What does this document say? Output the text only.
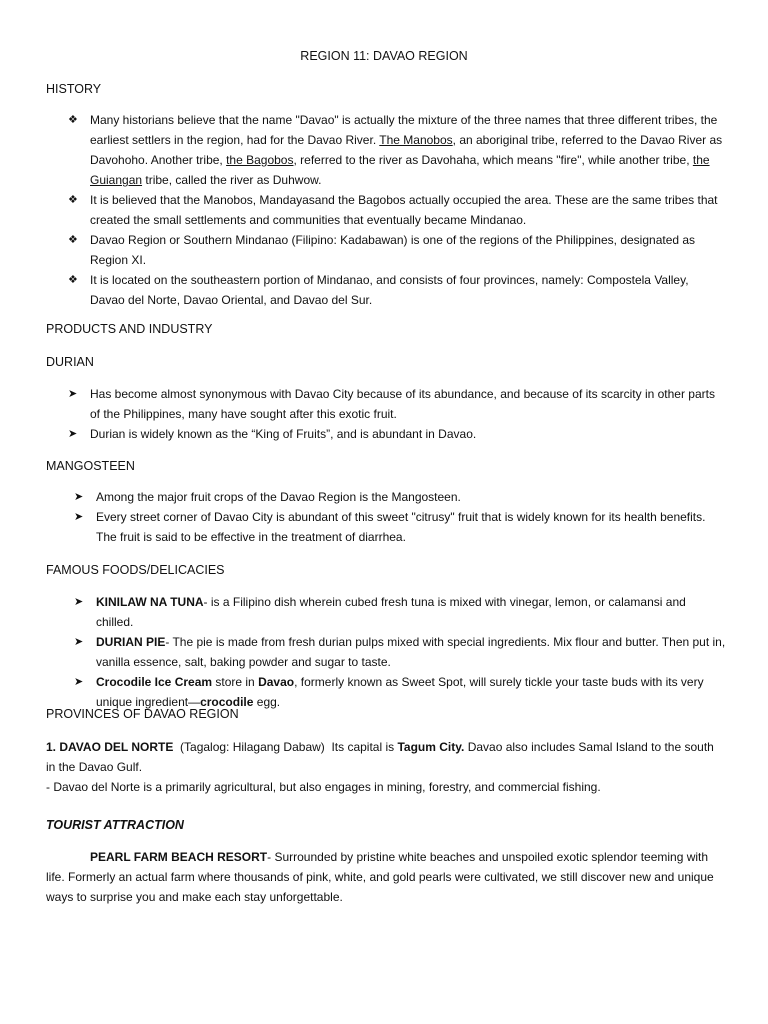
REGION 11: DAVAO REGION
HISTORY
❖ Many historians believe that the name "Davao" is actually the mixture of the three names that three different tribes, the earliest settlers in the region, had for the Davao River. The Manobos, an aboriginal tribe, referred to the Davao River as Davohoho. Another tribe, the Bagobos, referred to the river as Davohaha, which means "fire", while another tribe, the Guiangan tribe, called the river as Duhwow.
❖ It is believed that the Manobos, Mandayasand the Bagobos actually occupied the area. These are the same tribes that created the small settlements and communities that eventually became Mindanao.
❖ Davao Region or Southern Mindanao (Filipino: Kadabawan) is one of the regions of the Philippines, designated as Region XI.
❖ It is located on the southeastern portion of Mindanao, and consists of four provinces, namely: Compostela Valley, Davao del Norte, Davao Oriental, and Davao del Sur.
PRODUCTS AND INDUSTRY
DURIAN
➤ Has become almost synonymous with Davao City because of its abundance, and because of its scarcity in other parts of the Philippines, many have sought after this exotic fruit.
➤ Durian is widely known as the “King of Fruits”, and is abundant in Davao.
MANGOSTEEN
➤ Among the major fruit crops of the Davao Region is the Mangosteen.
➤ Every street corner of Davao City is abundant of this sweet "citrusy" fruit that is widely known for its health benefits. The fruit is said to be effective in the treatment of diarrhea.
FAMOUS FOODS/DELICACIES
➤ KINILAW NA TUNA- is a Filipino dish wherein cubed fresh tuna is mixed with vinegar, lemon, or calamansi and chilled.
➤ DURIAN PIE- The pie is made from fresh durian pulps mixed with special ingredients. Mix flour and butter. Then put in, vanilla essence, salt, baking powder and sugar to taste.
➤ Crocodile Ice Cream store in Davao, formerly known as Sweet Spot, will surely tickle your taste buds with its very unique ingredient—crocodile egg.
PROVINCES OF DAVAO REGION
1. DAVAO DEL NORTE  (Tagalog: Hilagang Dabaw)  Its capital is Tagum City. Davao also includes Samal Island to the south in the Davao Gulf.
- Davao del Norte is a primarily agricultural, but also engages in mining, forestry, and commercial fishing.
TOURIST ATTRACTION
PEARL FARM BEACH RESORT- Surrounded by pristine white beaches and unspoiled exotic splendor teeming with life. Formerly an actual farm where thousands of pink, white, and gold pearls were cultivated, we still discover new and unique ways to surprise you and make each stay unforgettable.
